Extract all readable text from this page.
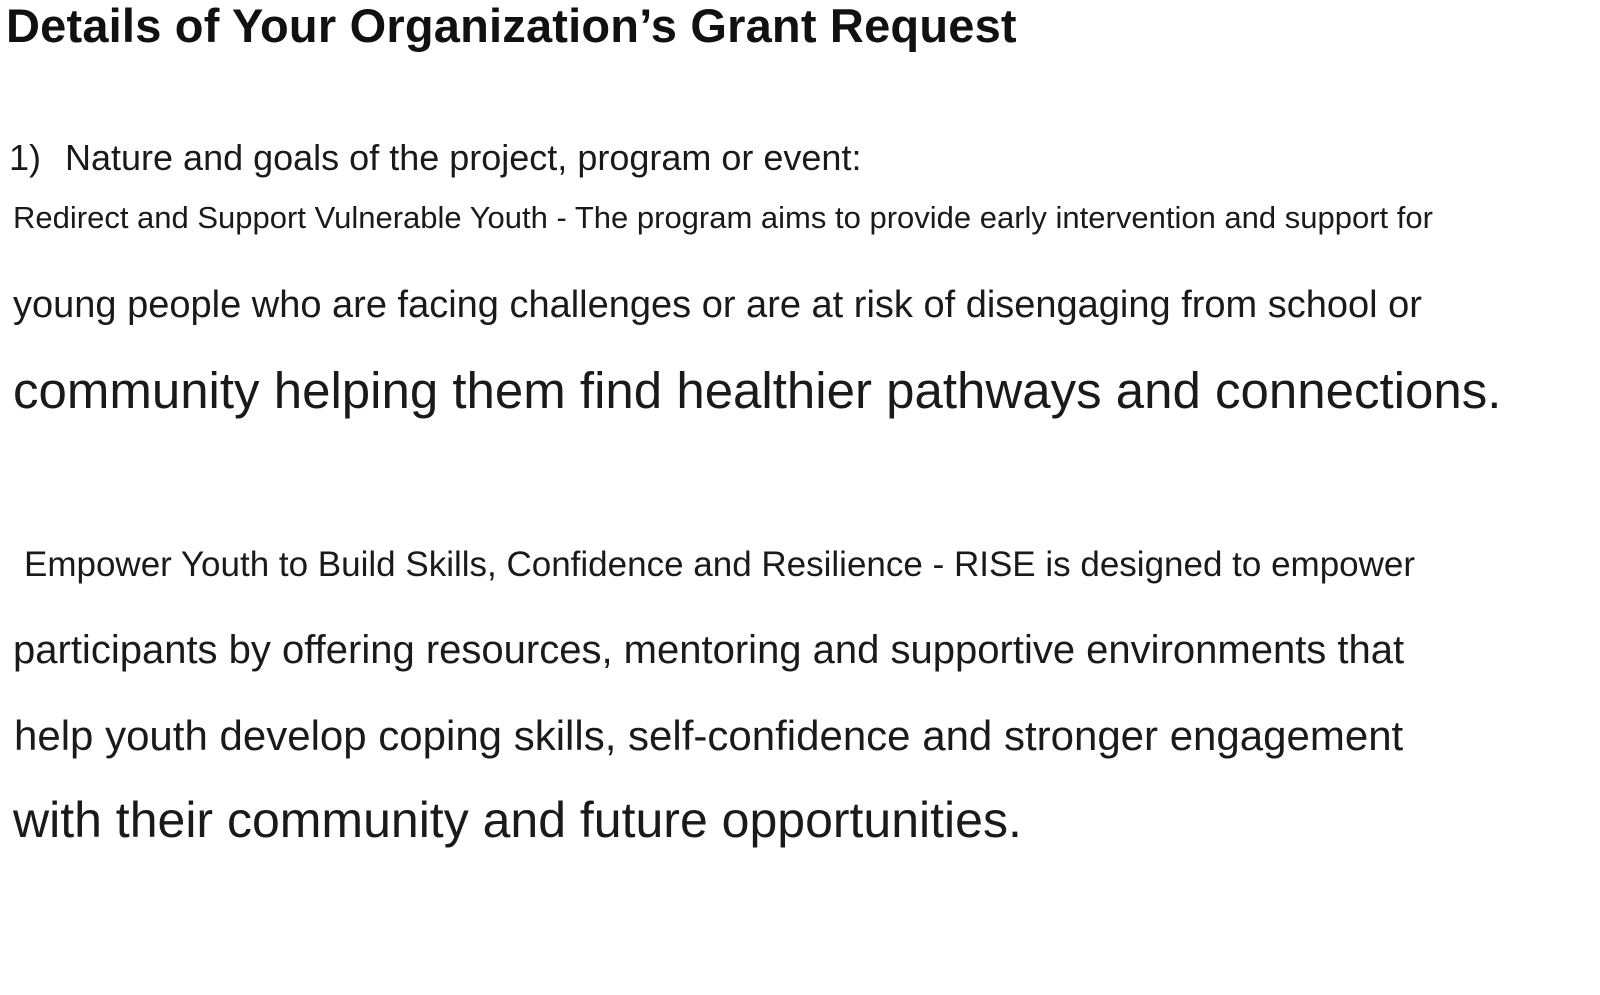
Details of Your Organization’s Grant Request
1) Nature and goals of the project, program or event:
Redirect and Support Vulnerable Youth - The program aims to provide early intervention and support for
young people who are facing challenges or are at risk of disengaging from school or
community helping them find healthier pathways and connections.
Empower Youth to Build Skills, Confidence and Resilience - RISE is designed to empower
participants by offering resources, mentoring and supportive environments that
help youth develop coping skills, self-confidence and stronger engagement
with their community and future opportunities.
